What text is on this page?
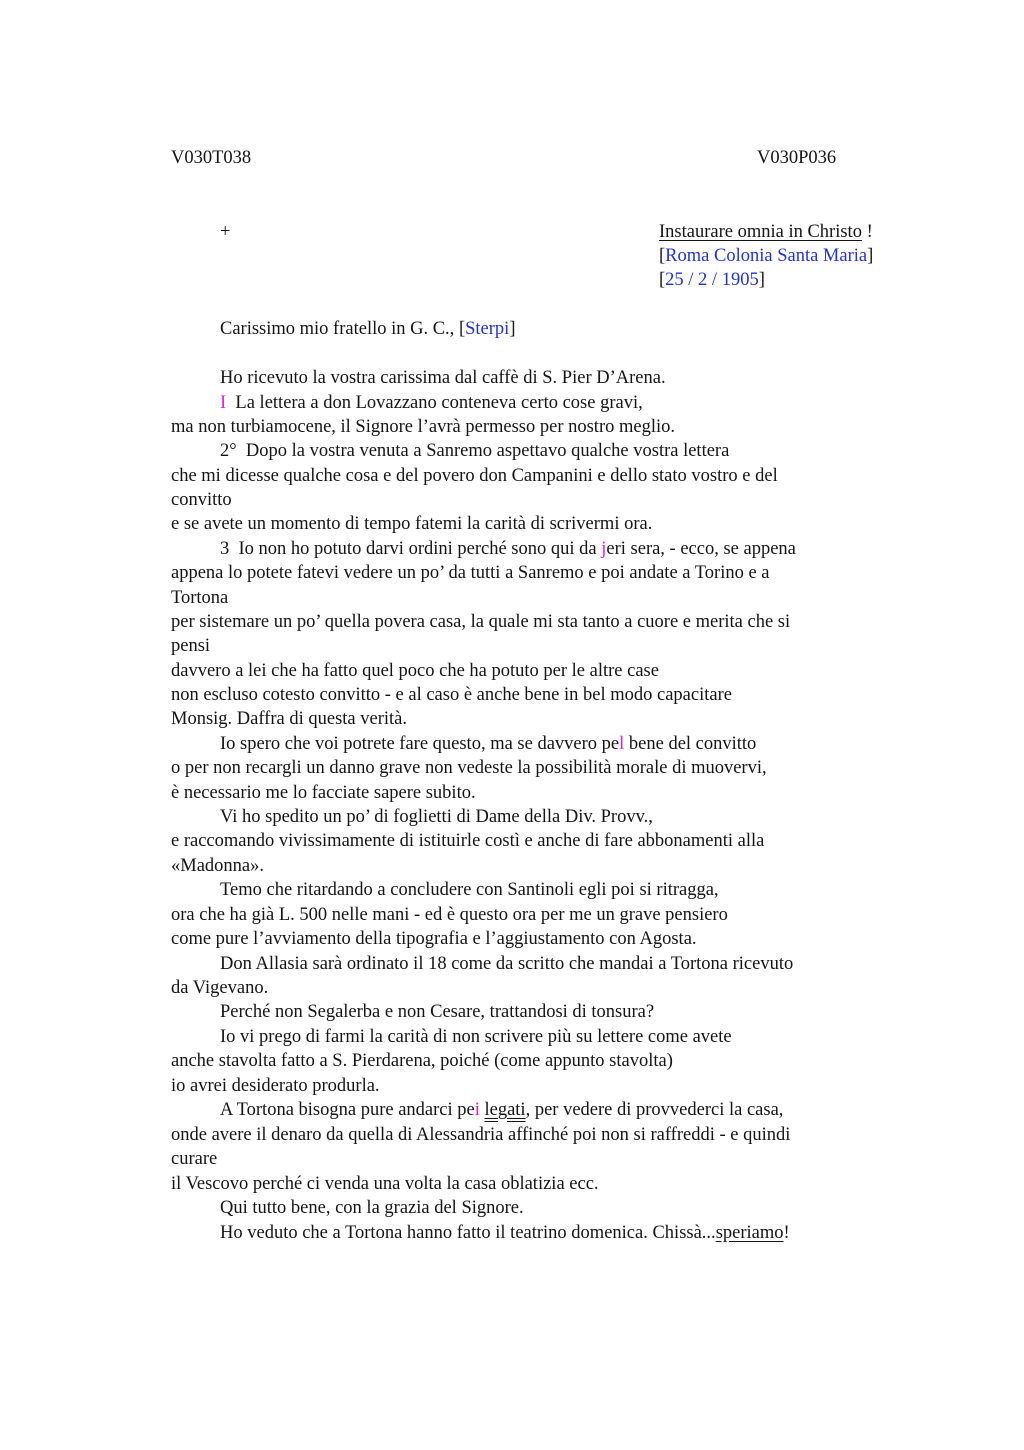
V030T038	V030P036
+	Instaurare omnia in Christo !
[Roma Colonia Santa Maria]
[25 / 2 / 1905]
Carissimo mio fratello in G. C., [Sterpi]
Ho ricevuto la vostra carissima dal caffè di S. Pier D’Arena.
I  La lettera a don Lovazzano conteneva certo cose gravi,
ma non turbiamocene, il Signore l’avrà permesso per nostro meglio.
2°  Dopo la vostra venuta a Sanremo aspettavo qualche vostra lettera
che mi dicesse qualche cosa e del povero don Campanini e dello stato vostro e del
convitto
e se avete un momento di tempo fatemi la carità di scrivermi ora.
3  Io non ho potuto darvi ordini perché sono qui da jeri sera, - ecco, se appena
appena lo potete fatevi vedere un po’ da tutti a Sanremo e poi andate a Torino e a
Tortona
per sistemare un po’ quella povera casa, la quale mi sta tanto a cuore e merita che si
pensi
davvero a lei che ha fatto quel poco che ha potuto per le altre case
non escluso cotesto convitto - e al caso è anche bene in bel modo capacitare
Monsig. Daffra di questa verità.
Io spero che voi potrete fare questo, ma se davvero pel bene del convitto
o per non recargli un danno grave non vedeste la possibilità morale di muovervi,
è necessario me lo facciate sapere subito.
Vi ho spedito un po’ di foglietti di Dame della Div. Provv.,
e raccomando vivissimamente di istituirle costì e anche di fare abbonamenti alla
«Madonna».
Temo che ritardando a concludere con Santinoli egli poi si ritragga,
ora che ha già L. 500 nelle mani - ed è questo ora per me un grave pensiero
come pure l’avviamento della tipografia e l’aggiustamento con Agosta.
Don Allasia sarà ordinato il 18 come da scritto che mandai a Tortona ricevuto
da Vigevano.
Perché non Segalerba e non Cesare, trattandosi di tonsura?
Io vi prego di farmi la carità di non scrivere più su lettere come avete
anche stavolta fatto a S. Pierdarena, poiché (come appunto stavolta)
io avrei desiderato produrla.
A Tortona bisogna pure andarci pei legati, per vedere di provvederci la casa,
onde avere il denaro da quella di Alessandria affinché poi non si raffreddi - e quindi
curare
il Vescovo perché ci venda una volta la casa oblatizia ecc.
Qui tutto bene, con la grazia del Signore.
Ho veduto che a Tortona hanno fatto il teatrino domenica. Chissà...speriamo!
